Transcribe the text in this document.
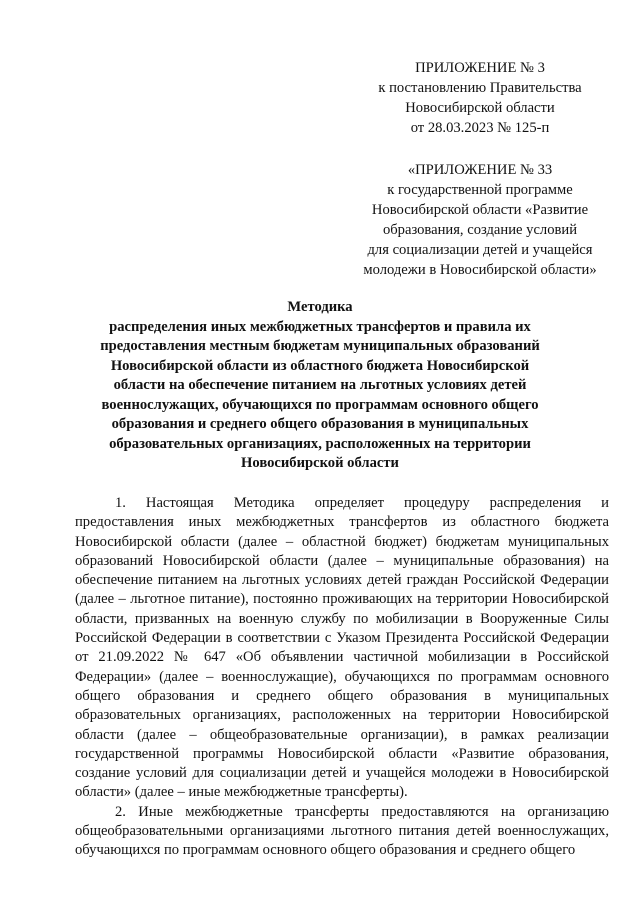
ПРИЛОЖЕНИЕ № 3
к постановлению Правительства
Новосибирской области
от 28.03.2023 № 125-п
«ПРИЛОЖЕНИЕ № 33
к государственной программе
Новосибирской области «Развитие
образования, создание условий
для социализации детей и учащейся
молодежи в Новосибирской области»
Методика
распределения иных межбюджетных трансфертов и правила их
предоставления местным бюджетам муниципальных образований
Новосибирской области из областного бюджета Новосибирской
области на обеспечение питанием на льготных условиях детей
военнослужащих, обучающихся по программам основного общего
образования и среднего общего образования в муниципальных
образовательных организациях, расположенных на территории
Новосибирской области

1. Настоящая Методика определяет процедуру распределения и предоставления иных межбюджетных трансфертов из областного бюджета Новосибирской области (далее – областной бюджет) бюджетам муниципальных образований Новосибирской области (далее – муниципальные образования) на обеспечение питанием на льготных условиях детей граждан Российской Федерации (далее – льготное питание), постоянно проживающих на территории Новосибирской области, призванных на военную службу по мобилизации в Вооруженные Силы Российской Федерации в соответствии с Указом Президента Российской Федерации от 21.09.2022 № 647 «Об объявлении частичной мобилизации в Российской Федерации» (далее – военнослужащие), обучающихся по программам основного общего образования и среднего общего образования в муниципальных образовательных организациях, расположенных на территории Новосибирской области (далее – общеобразовательные организации), в рамках реализации государственной программы Новосибирской области «Развитие образования, создание условий для социализации детей и учащейся молодежи в Новосибирской области» (далее – иные межбюджетные трансферты).

2. Иные межбюджетные трансферты предоставляются на организацию общеобразовательными организациями льготного питания детей военнослужащих, обучающихся по программам основного общего образования и среднего общего
